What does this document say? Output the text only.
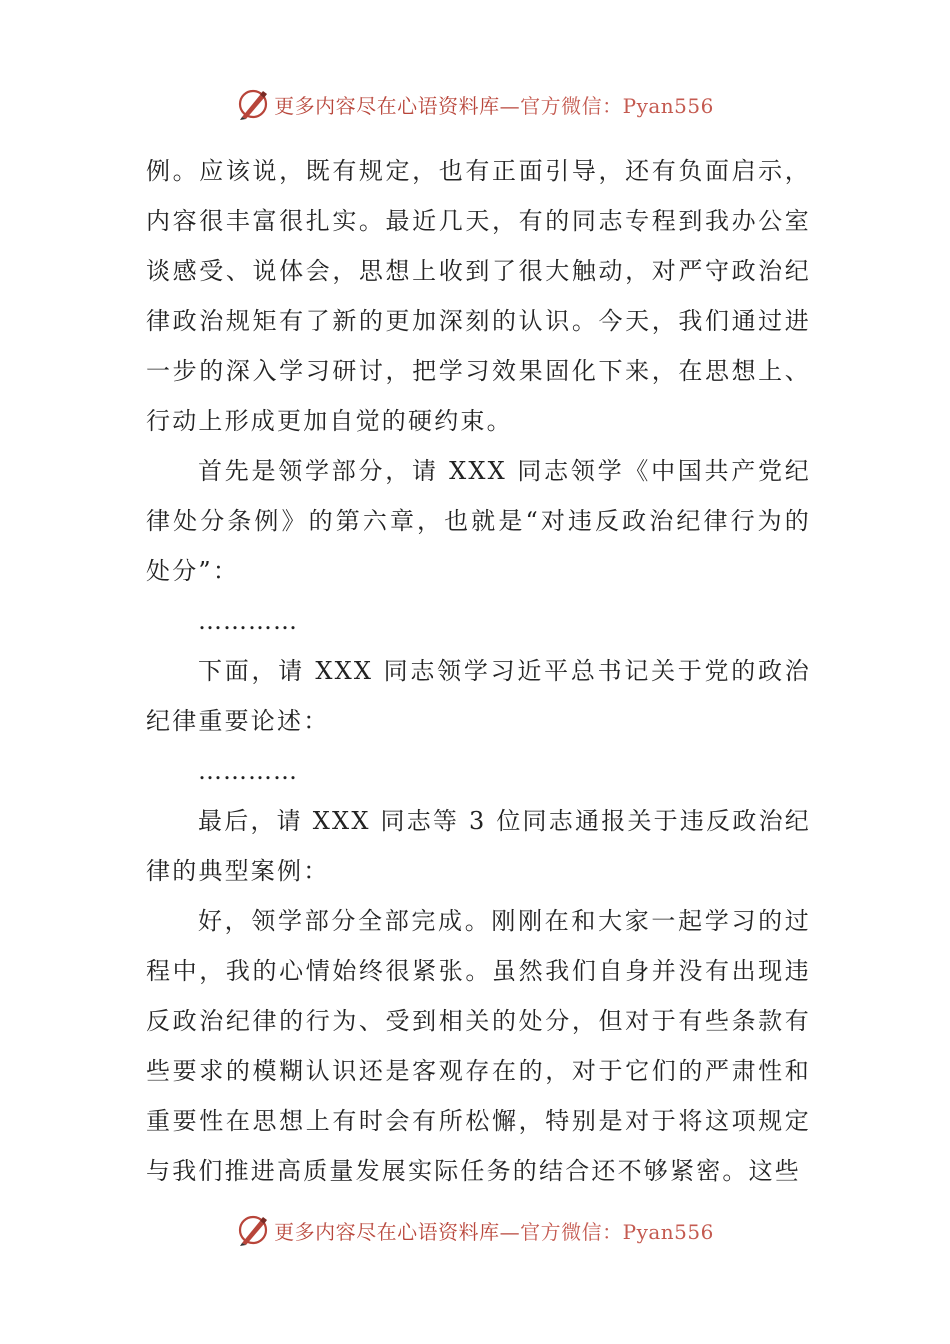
更多内容尽在心语资料库—官方微信：Pyan556

例。应该说，既有规定，也有正面引导，还有负面启示，内容很丰富很扎实。最近几天，有的同志专程到我办公室谈感受、说体会，思想上收到了很大触动，对严守政治纪律政治规矩有了新的更加深刻的认识。今天，我们通过进一步的深入学习研讨，把学习效果固化下来，在思想上、行动上形成更加自觉的硬约束。

首先是领学部分，请 XXX 同志领学《中国共产党纪律处分条例》的第六章，也就是“对违反政治纪律行为的处分”：

…………

下面，请 XXX 同志领学习近平总书记关于党的政治纪律重要论述：

…………

最后，请 XXX 同志等 3 位同志通报关于违反政治纪律的典型案例：

好，领学部分全部完成。刚刚在和大家一起学习的过程中，我的心情始终很紧张。虽然我们自身并没有出现违反政治纪律的行为、受到相关的处分，但对于有些条款有些要求的模糊认识还是客观存在的，对于它们的严肃性和重要性在思想上有时会有所松懈，特别是对于将这项规定与我们推进高质量发展实际任务的结合还不够紧密。这些

更多内容尽在心语资料库—官方微信：Pyan556
